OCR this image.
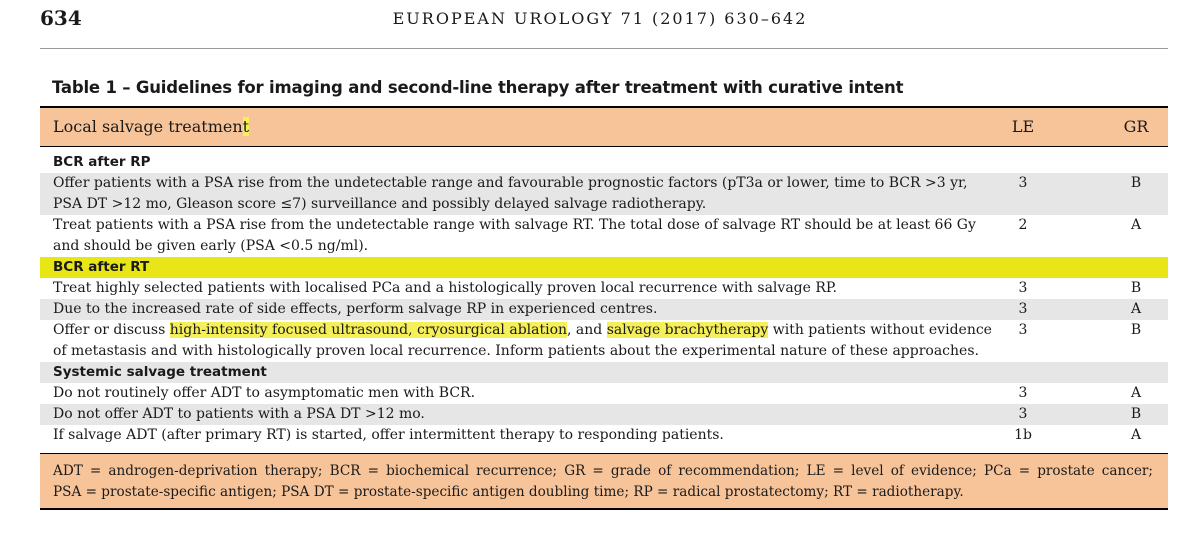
634	EUROPEAN UROLOGY 71 (2017) 630–642
Table 1 – Guidelines for imaging and second-line therapy after treatment with curative intent
Local salvage treatment	LE	GR
BCR after RP
Offer patients with a PSA rise from the undetectable range and favourable prognostic factors (pT3a or lower, time to BCR >3 yr,
PSA DT >12 mo, Gleason score ≤7) surveillance and possibly delayed salvage radiotherapy.
3	B
Treat patients with a PSA rise from the undetectable range with salvage RT. The total dose of salvage RT should be at least 66 Gy
and should be given early (PSA <0.5 ng/ml).
2	A
BCR after RT
Treat highly selected patients with localised PCa and a histologically proven local recurrence with salvage RP.	3	B
Due to the increased rate of side effects, perform salvage RP in experienced centres.	3	A
Offer or discuss high-intensity focused ultrasound, cryosurgical ablation, and salvage brachytherapy with patients without evidence
of metastasis and with histologically proven local recurrence. Inform patients about the experimental nature of these approaches.
3	B
Systemic salvage treatment
Do not routinely offer ADT to asymptomatic men with BCR.	3	A
Do not offer ADT to patients with a PSA DT >12 mo.	3	B
If salvage ADT (after primary RT) is started, offer intermittent therapy to responding patients.	1b	A
ADT = androgen-deprivation therapy; BCR = biochemical recurrence; GR = grade of recommendation; LE = level of evidence; PCa = prostate cancer;
PSA = prostate-specific antigen; PSA DT = prostate-specific antigen doubling time; RP = radical prostatectomy; RT = radiotherapy.
